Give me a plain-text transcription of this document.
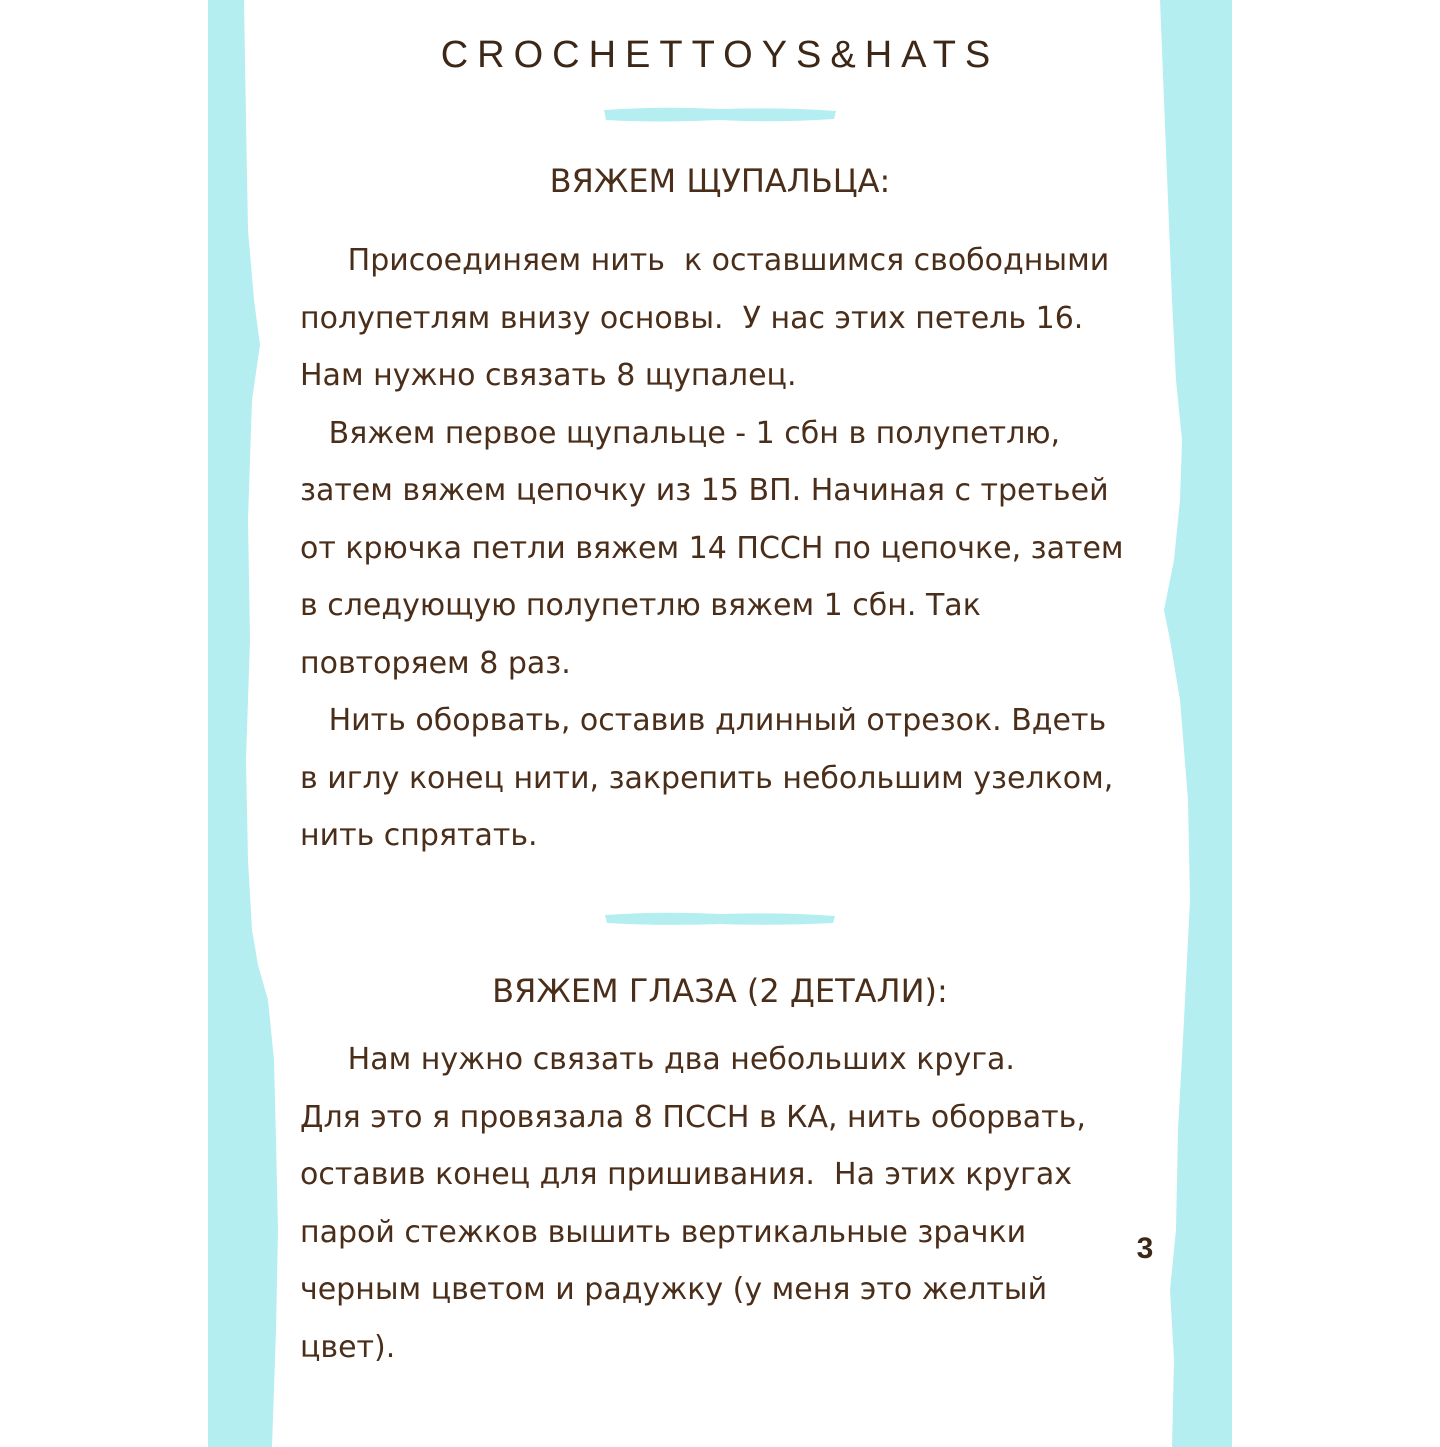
CROCHETTOYS&HATS
ВЯЖЕМ ЩУПАЛЬЦА:
Присоединяем нить  к оставшимся свободными
полупетлям внизу основы.  У нас этих петель 16.
Нам нужно связать 8 щупалец.
Вяжем первое щупальце - 1 сбн в полупетлю,
затем вяжем цепочку из 15 ВП. Начиная с третьей
от крючка петли вяжем 14 ПССН по цепочке, затем
в следующую полупетлю вяжем 1 сбн. Так
повторяем 8 раз.
Нить оборвать, оставив длинный отрезок. Вдеть
в иглу конец нити, закрепить небольшим узелком,
нить спрятать.
ВЯЖЕМ ГЛАЗА (2 ДЕТАЛИ):
Нам нужно связать два небольших круга.
Для это я провязала 8 ПССН в КА, нить оборвать,
оставив конец для пришивания.  На этих кругах
парой стежков вышить вертикальные зрачки
черным цветом и радужку (у меня это желтый
цвет).
3
